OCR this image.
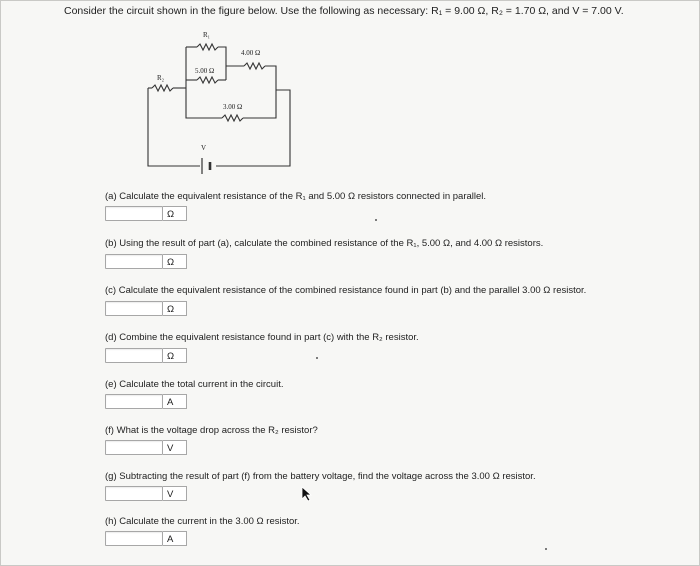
Consider the circuit shown in the figure below. Use the following as necessary: R₁ = 9.00 Ω, R₂ = 1.70 Ω, and V = 7.00 V.
R₁
5.00 Ω
4.00 Ω
R₂
3.00 Ω
V
(a) Calculate the equivalent resistance of the R₁ and 5.00 Ω resistors connected in parallel.
Ω
(b) Using the result of part (a), calculate the combined resistance of the R₁, 5.00 Ω, and 4.00 Ω resistors.
Ω
(c) Calculate the equivalent resistance of the combined resistance found in part (b) and the parallel 3.00 Ω resistor.
Ω
(d) Combine the equivalent resistance found in part (c) with the R₂ resistor.
Ω
(e) Calculate the total current in the circuit.
A
(f) What is the voltage drop across the R₂ resistor?
V
(g) Subtracting the result of part (f) from the battery voltage, find the voltage across the 3.00 Ω resistor.
V
(h) Calculate the current in the 3.00 Ω resistor.
A
